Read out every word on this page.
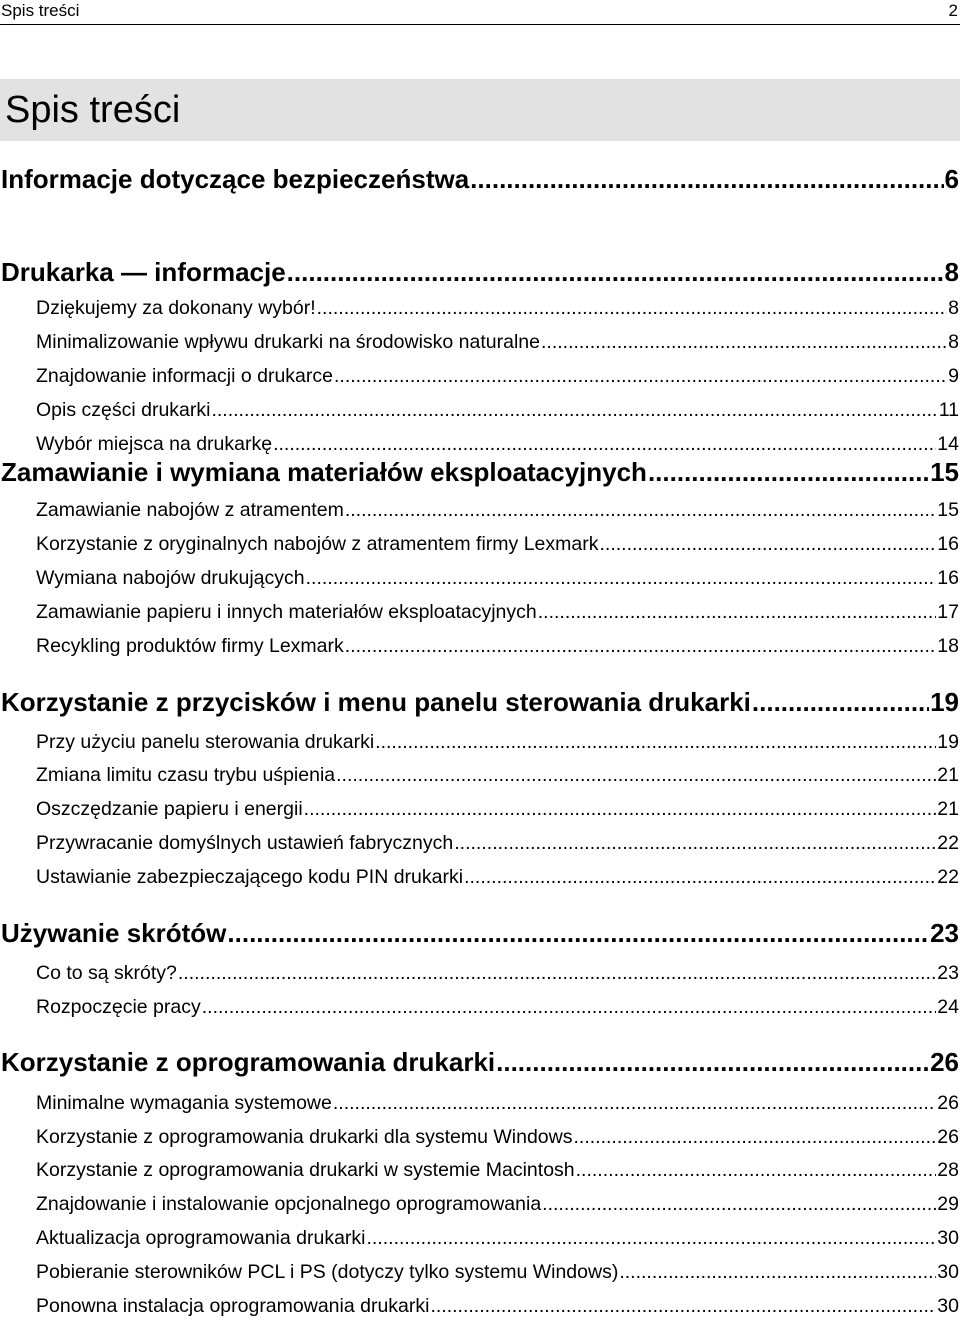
Spis treści	2
Spis treści
Informacje dotyczące bezpieczeństwa .....	6
Drukarka — informacje .....	8
Dziękujemy za dokonany wybór! .....	8
Minimalizowanie wpływu drukarki na środowisko naturalne .....	8
Znajdowanie informacji o drukarce .....	9
Opis części drukarki .....	11
Wybór miejsca na drukarkę .....	14
Zamawianie i wymiana materiałów eksploatacyjnych .....	15
Zamawianie nabojów z atramentem .....	15
Korzystanie z oryginalnych nabojów z atramentem firmy Lexmark .....	16
Wymiana nabojów drukujących .....	16
Zamawianie papieru i innych materiałów eksploatacyjnych .....	17
Recykling produktów firmy Lexmark .....	18
Korzystanie z przycisków i menu panelu sterowania drukarki .....	19
Przy użyciu panelu sterowania drukarki .....	19
Zmiana limitu czasu trybu uśpienia .....	21
Oszczędzanie papieru i energii .....	21
Przywracanie domyślnych ustawień fabrycznych .....	22
Ustawianie zabezpieczającego kodu PIN drukarki .....	22
Używanie skrótów .....	23
Co to są skróty? .....	23
Rozpoczęcie pracy .....	24
Korzystanie z oprogramowania drukarki .....	26
Minimalne wymagania systemowe .....	26
Korzystanie z oprogramowania drukarki dla systemu Windows .....	26
Korzystanie z oprogramowania drukarki w systemie Macintosh .....	28
Znajdowanie i instalowanie opcjonalnego oprogramowania .....	29
Aktualizacja oprogramowania drukarki .....	30
Pobieranie sterowników PCL i PS (dotyczy tylko systemu Windows) .....	30
Ponowna instalacja oprogramowania drukarki .....	30
